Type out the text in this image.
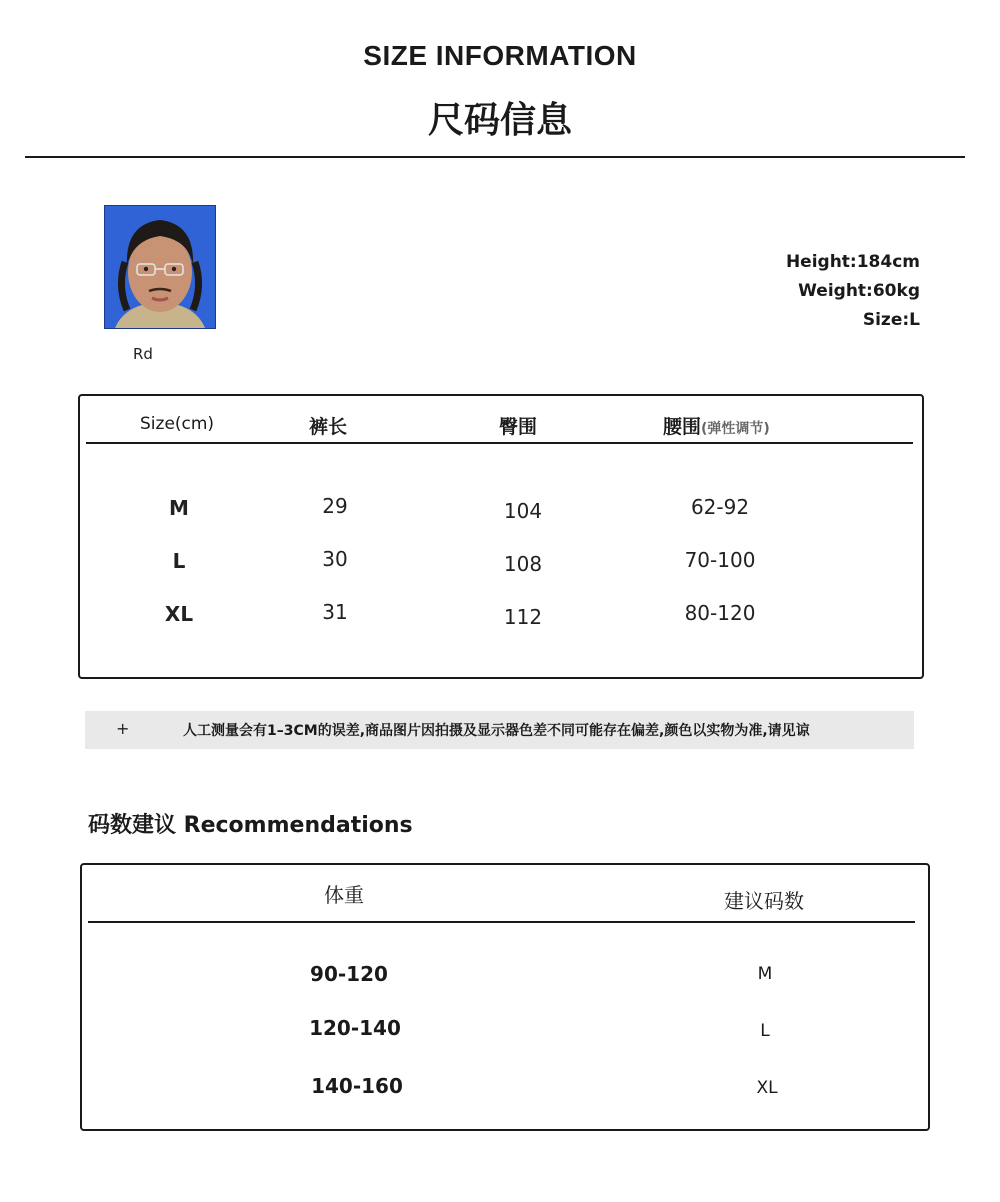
SIZE INFORMATION
尺码信息
Rd
Height:184cm
Weight:60kg
Size:L
Size(cm)	裤长	臀围	腰围(弹性调节)
M	29	104	62-92
L	30	108	70-100
XL	31	112	80-120
+	人工测量会有1–3CM的误差,商品图片因拍摄及显示器色差不同可能存在偏差,颜色以实物为准,请见谅
码数建议 Recommendations
体重	建议码数
90-120	M
120-140	L
140-160	XL
